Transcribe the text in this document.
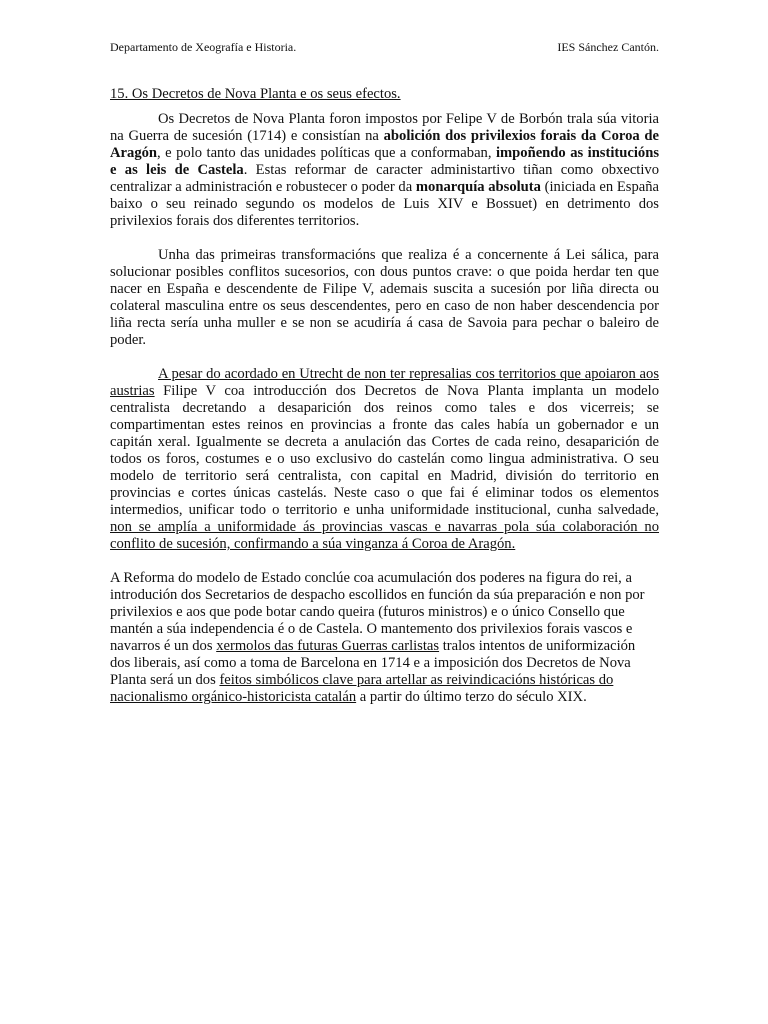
Departamento de Xeografía e Historia.	IES Sánchez Cantón.
15. Os Decretos de Nova Planta e os seus efectos.

Os Decretos de Nova Planta foron impostos por Felipe V de Borbón trala súa vitoria na Guerra de sucesión (1714) e consistían na abolición dos privilexios forais da Coroa de Aragón, e polo tanto das unidades políticas que a conformaban, impoñendo as institucións e as leis de Castela. Estas reformar de caracter administartivo tiñan como obxectivo centralizar a administración e robustecer o poder da monarquía absoluta (iniciada en España baixo o seu reinado segundo os modelos de Luis XIV e Bossuet) en detrimento dos privilexios forais dos diferentes territorios.

Unha das primeiras transformacións que realiza é a concernente á Lei sálica, para solucionar posibles conflitos sucesorios, con dous puntos crave: o que poida herdar ten que nacer en España e descendente de Filipe V, ademais suscita a sucesión por liña directa ou colateral masculina entre os seus descendentes, pero en caso de non haber descendencia por liña recta sería unha muller e se non se acudiría á casa de Savoia para pechar o baleiro de poder.

A pesar do acordado en Utrecht de non ter represalias cos territorios que apoiaron aos austrias Filipe V coa introducción dos Decretos de Nova Planta implanta un modelo centralista decretando a desaparición dos reinos como tales e dos vicerreis; se compartimentan estes reinos en provincias a fronte das cales había un gobernador e un capitán xeral. Igualmente se decreta a anulación das Cortes de cada reino, desaparición de todos os foros, costumes e o uso exclusivo do castelán como lingua administrativa. O seu modelo de territorio será centralista, con capital en Madrid, división do territorio en provincias e cortes únicas castelás. Neste caso o que fai é eliminar todos os elementos intermedios, unificar todo o territorio e unha uniformidade institucional, cunha salvedade, non se amplía a uniformidade ás provincias vascas e navarras pola súa colaboración no conflito de sucesión, confirmando a súa vinganza á Coroa de Aragón.

A Reforma do modelo de Estado conclúe coa acumulación dos poderes na figura do rei, a introdución dos Secretarios de despacho escollidos en función da súa preparación e non por privilexios e aos que pode botar cando queira (futuros ministros) e o único Consello que mantén a súa independencia é o de Castela. O mantemento dos privilexios forais vascos e navarros é un dos xermolos das futuras Guerras carlistas tralos intentos de uniformización dos liberais, así como a toma de Barcelona en 1714 e a imposición dos Decretos de Nova Planta será un dos feitos simbólicos clave para artellar as reivindicacións históricas do nacionalismo orgánico-historicista catalán a partir do último terzo do século XIX.
